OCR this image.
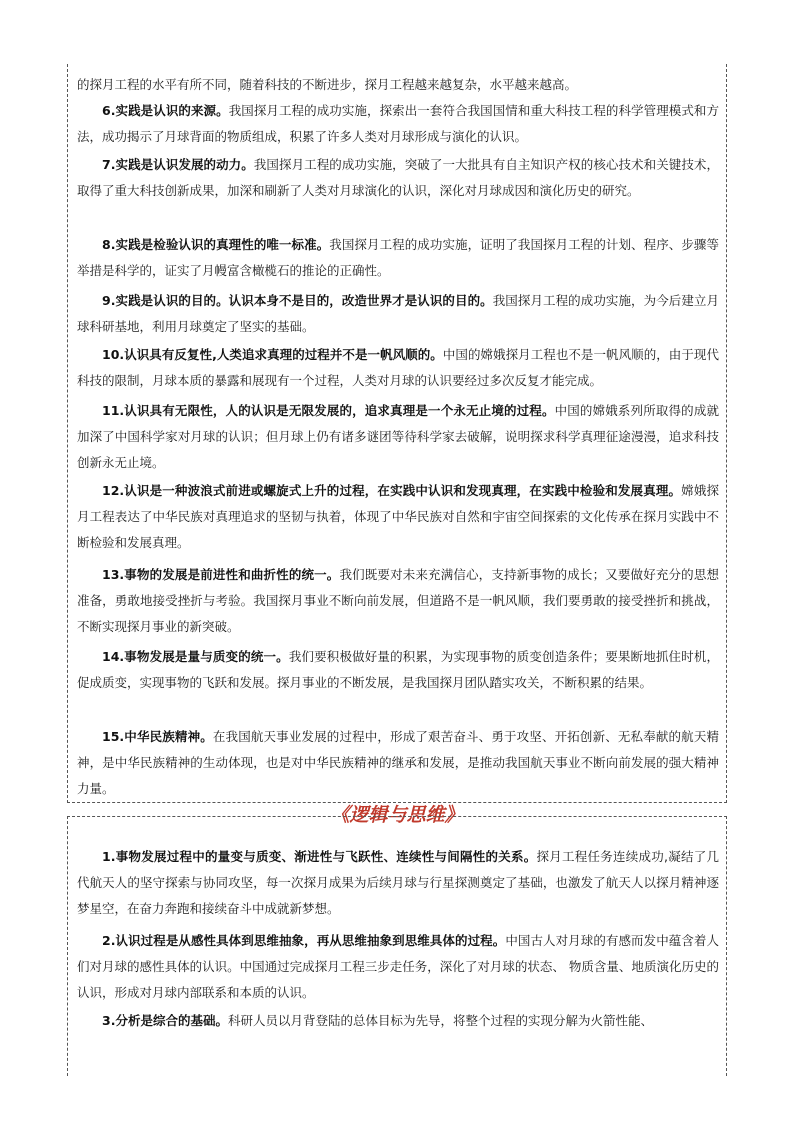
的探月工程的水平有所不同，随着科技的不断进步，探月工程越来越复杂，水平越来越高。

6.实践是认识的来源。我国探月工程的成功实施，探索出一套符合我国国情和重大科技工程的科学管理模式和方法，成功揭示了月球背面的物质组成，积累了许多人类对月球形成与演化的认识。

7.实践是认识发展的动力。我国探月工程的成功实施，突破了一大批具有自主知识产权的核心技术和关键技术，取得了重大科技创新成果，加深和刷新了人类对月球演化的认识，深化对月球成因和演化历史的研究。

8.实践是检验认识的真理性的唯一标准。我国探月工程的成功实施，证明了我国探月工程的计划、程序、步骤等举措是科学的，证实了月幔富含橄榄石的推论的正确性。

9.实践是认识的目的。认识本身不是目的，改造世界才是认识的目的。我国探月工程的成功实施，为今后建立月球科研基地，利用月球奠定了坚实的基础。

10.认识具有反复性,人类追求真理的过程并不是一帆风顺的。中国的嫦娥探月工程也不是一帆风顺的，由于现代科技的限制，月球本质的暴露和展现有一个过程，人类对月球的认识要经过多次反复才能完成。

11.认识具有无限性，人的认识是无限发展的，追求真理是一个永无止境的过程。中国的嫦娥系列所取得的成就加深了中国科学家对月球的认识；但月球上仍有诸多谜团等待科学家去破解，说明探求科学真理征途漫漫，追求科技创新永无止境。

12.认识是一种波浪式前进或螺旋式上升的过程，在实践中认识和发现真理，在实践中检验和发展真理。嫦娥探月工程表达了中华民族对真理追求的坚韧与执着，体现了中华民族对自然和宇宙空间探索的文化传承在探月实践中不断检验和发展真理。

13.事物的发展是前进性和曲折性的统一。我们既要对未来充满信心，支持新事物的成长；又要做好充分的思想准备，勇敢地接受挫折与考验。我国探月事业不断向前发展，但道路不是一帆风顺，我们要勇敢的接受挫折和挑战，不断实现探月事业的新突破。

14.事物发展是量与质变的统一。我们要积极做好量的积累，为实现事物的质变创造条件；要果断地抓住时机，促成质变，实现事物的飞跃和发展。探月事业的不断发展，是我国探月团队踏实攻关，不断积累的结果。

15.中华民族精神。在我国航天事业发展的过程中，形成了艰苦奋斗、勇于攻坚、开拓创新、无私奉献的航天精神，是中华民族精神的生动体现，也是对中华民族精神的继承和发展，是推动我国航天事业不断向前发展的强大精神力量。

《逻辑与思维》

1.事物发展过程中的量变与质变、渐进性与飞跃性、连续性与间隔性的关系。探月工程任务连续成功,凝结了几代航天人的坚守探索与协同攻坚，每一次探月成果为后续月球与行星探测奠定了基础，也激发了航天人以探月精神逐梦星空，在奋力奔跑和接续奋斗中成就新梦想。

2.认识过程是从感性具体到思维抽象，再从思维抽象到思维具体的过程。中国古人对月球的有感而发中蕴含着人们对月球的感性具体的认识。中国通过完成探月工程三步走任务，深化了对月球的状态、 物质含量、地质演化历史的认识，形成对月球内部联系和本质的认识。

3.分析是综合的基础。科研人员以月背登陆的总体目标为先导，将整个过程的实现分解为火箭性能、
